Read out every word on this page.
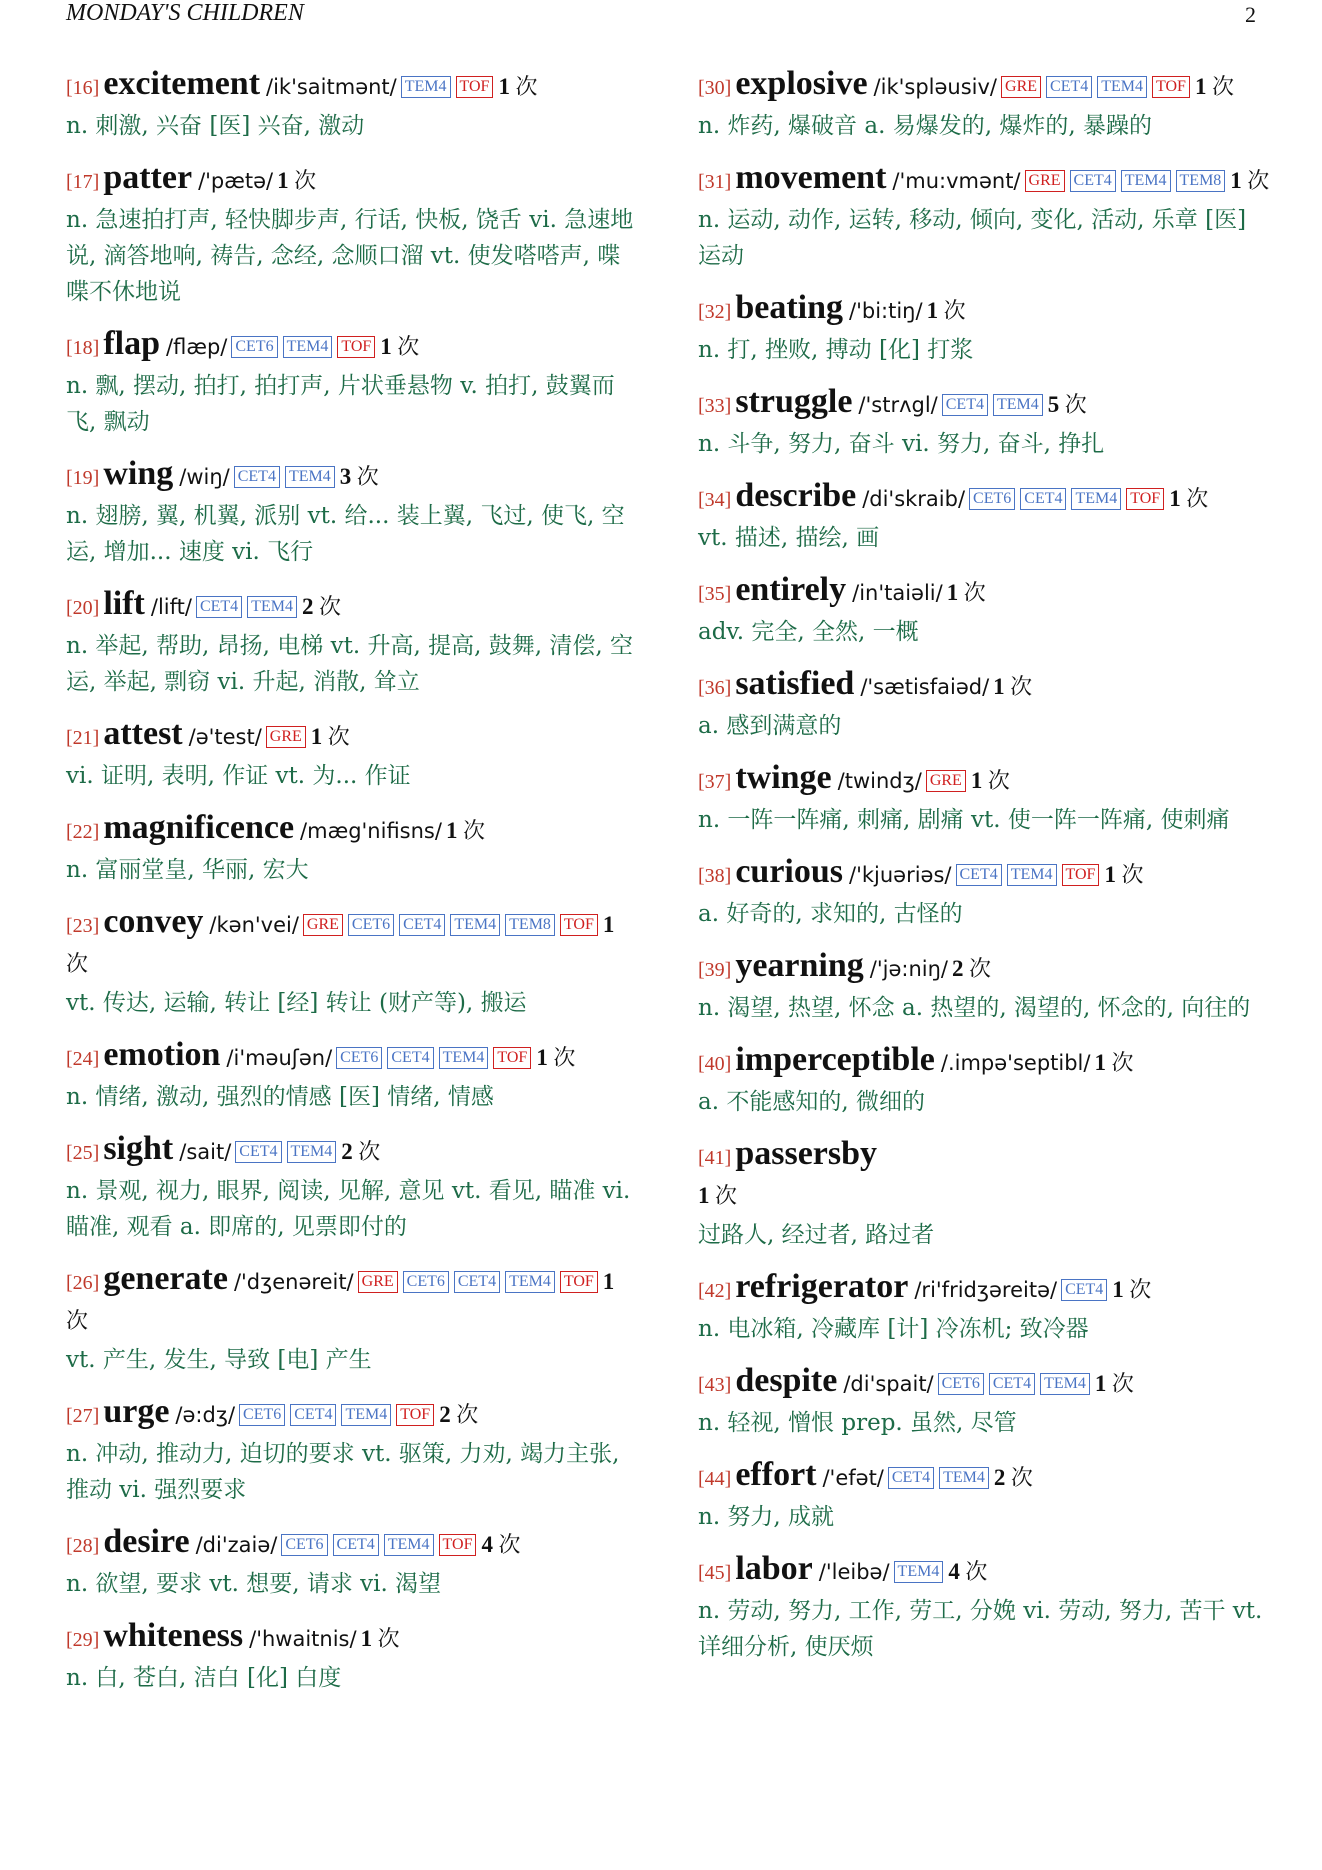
MONDAY'S CHILDREN	2
[16] excitement /ik'saitmənt/ TEM4 TOF 1 次
n. 刺激, 兴奋 [医] 兴奋, 激动
[17] patter /'pætə/ 1 次
n. 急速拍打声, 轻快脚步声, 行话, 快板, 饶舌 vi. 急速地说, 滴答地响, 祷告, 念经, 念顺口溜 vt. 使发嗒嗒声, 喋喋不休地说
[18] flap /flæp/ CET6 TEM4 TOF 1 次
n. 飘, 摆动, 拍打, 拍打声, 片状垂悬物 v. 拍打, 鼓翼而飞, 飘动
[19] wing /wiŋ/ CET4 TEM4 3 次
n. 翅膀, 翼, 机翼, 派别 vt. 给... 装上翼, 飞过, 使飞, 空运, 增加... 速度 vi. 飞行
[20] lift /lift/ CET4 TEM4 2 次
n. 举起, 帮助, 昂扬, 电梯 vt. 升高, 提高, 鼓舞, 清偿, 空运, 举起, 剽窃 vi. 升起, 消散, 耸立
[21] attest /ə'test/ GRE 1 次
vi. 证明, 表明, 作证 vt. 为... 作证
[22] magnificence /mæg'nifisns/ 1 次
n. 富丽堂皇, 华丽, 宏大
[23] convey /kən'vei/ GRE CET6 CET4 TEM4 TEM8 TOF 1 次
vt. 传达, 运输, 转让 [经] 转让 (财产等), 搬运
[24] emotion /i'məuʃən/ CET6 CET4 TEM4 TOF 1 次
n. 情绪, 激动, 强烈的情感 [医] 情绪, 情感
[25] sight /sait/ CET4 TEM4 2 次
n. 景观, 视力, 眼界, 阅读, 见解, 意见 vt. 看见, 瞄准 vi. 瞄准, 观看 a. 即席的, 见票即付的
[26] generate /'dʒenəreit/ GRE CET6 CET4 TEM4 TOF 1 次
vt. 产生, 发生, 导致 [电] 产生
[27] urge /ə:dʒ/ CET6 CET4 TEM4 TOF 2 次
n. 冲动, 推动力, 迫切的要求 vt. 驱策, 力劝, 竭力主张, 推动 vi. 强烈要求
[28] desire /di'zaiə/ CET6 CET4 TEM4 TOF 4 次
n. 欲望, 要求 vt. 想要, 请求 vi. 渴望
[29] whiteness /'hwaitnis/ 1 次
n. 白, 苍白, 洁白 [化] 白度
[30] explosive /ik'spləusiv/ GRE CET4 TEM4 TOF 1 次
n. 炸药, 爆破音 a. 易爆发的, 爆炸的, 暴躁的
[31] movement /'mu:vmənt/ GRE CET4 TEM4 TEM8 1 次
n. 运动, 动作, 运转, 移动, 倾向, 变化, 活动, 乐章 [医] 运动
[32] beating /'bi:tiŋ/ 1 次
n. 打, 挫败, 搏动 [化] 打浆
[33] struggle /'strʌgl/ CET4 TEM4 5 次
n. 斗争, 努力, 奋斗 vi. 努力, 奋斗, 挣扎
[34] describe /di'skraib/ CET6 CET4 TEM4 TOF 1 次
vt. 描述, 描绘, 画
[35] entirely /in'taiəli/ 1 次
adv. 完全, 全然, 一概
[36] satisfied /'sætisfaiəd/ 1 次
a. 感到满意的
[37] twinge /twindʒ/ GRE 1 次
n. 一阵一阵痛, 刺痛, 剧痛 vt. 使一阵一阵痛, 使刺痛
[38] curious /'kjuəriəs/ CET4 TEM4 TOF 1 次
a. 好奇的, 求知的, 古怪的
[39] yearning /'jə:niŋ/ 2 次
n. 渴望, 热望, 怀念 a. 热望的, 渴望的, 怀念的, 向往的
[40] imperceptible /.impə'septibl/ 1 次
a. 不能感知的, 微细的
[41] passersby
1 次
过路人, 经过者, 路过者
[42] refrigerator /ri'fridʒəreitə/ CET4 1 次
n. 电冰箱, 冷藏库 [计] 冷冻机; 致冷器
[43] despite /di'spait/ CET6 CET4 TEM4 1 次
n. 轻视, 憎恨 prep. 虽然, 尽管
[44] effort /'efət/ CET4 TEM4 2 次
n. 努力, 成就
[45] labor /'leibə/ TEM4 4 次
n. 劳动, 努力, 工作, 劳工, 分娩 vi. 劳动, 努力, 苦干 vt. 详细分析, 使厌烦
